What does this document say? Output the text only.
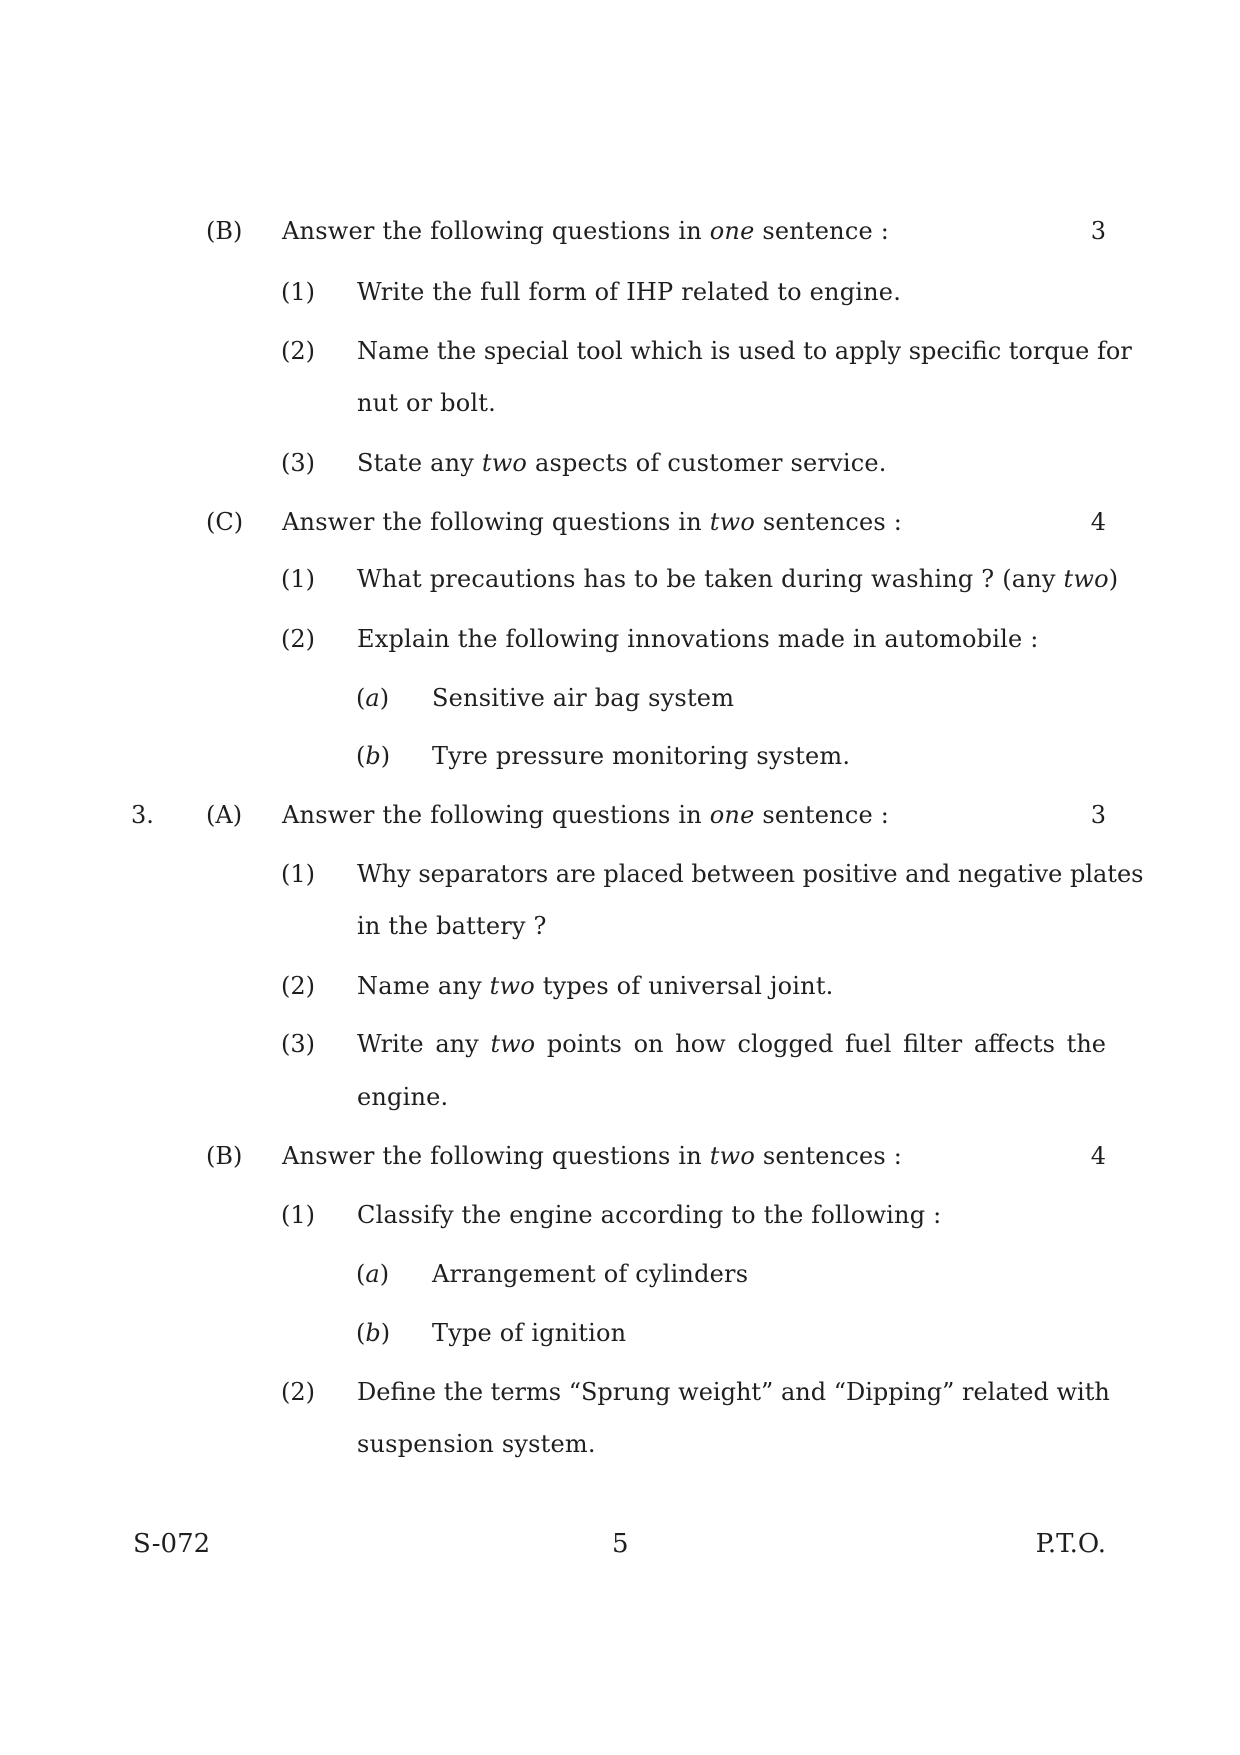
(B) Answer the following questions in one sentence :	3
(1) Write the full form of IHP related to engine.
(2) Name the special tool which is used to apply specific torque for
nut or bolt.
(3) State any two aspects of customer service.
(C) Answer the following questions in two sentences :	4
(1) What precautions has to be taken during washing ? (any two)
(2) Explain the following innovations made in automobile :
(a) Sensitive air bag system
(b) Tyre pressure monitoring system.
3. (A) Answer the following questions in one sentence :	3
(1) Why separators are placed between positive and negative plates
in the battery ?
(2) Name any two types of universal joint.
(3) Write any two points on how clogged fuel filter affects the
engine.
(B) Answer the following questions in two sentences :	4
(1) Classify the engine according to the following :
(a) Arrangement of cylinders
(b) Type of ignition
(2) Define the terms “Sprung weight” and “Dipping” related with
suspension system.
S-072	5	P.T.O.
